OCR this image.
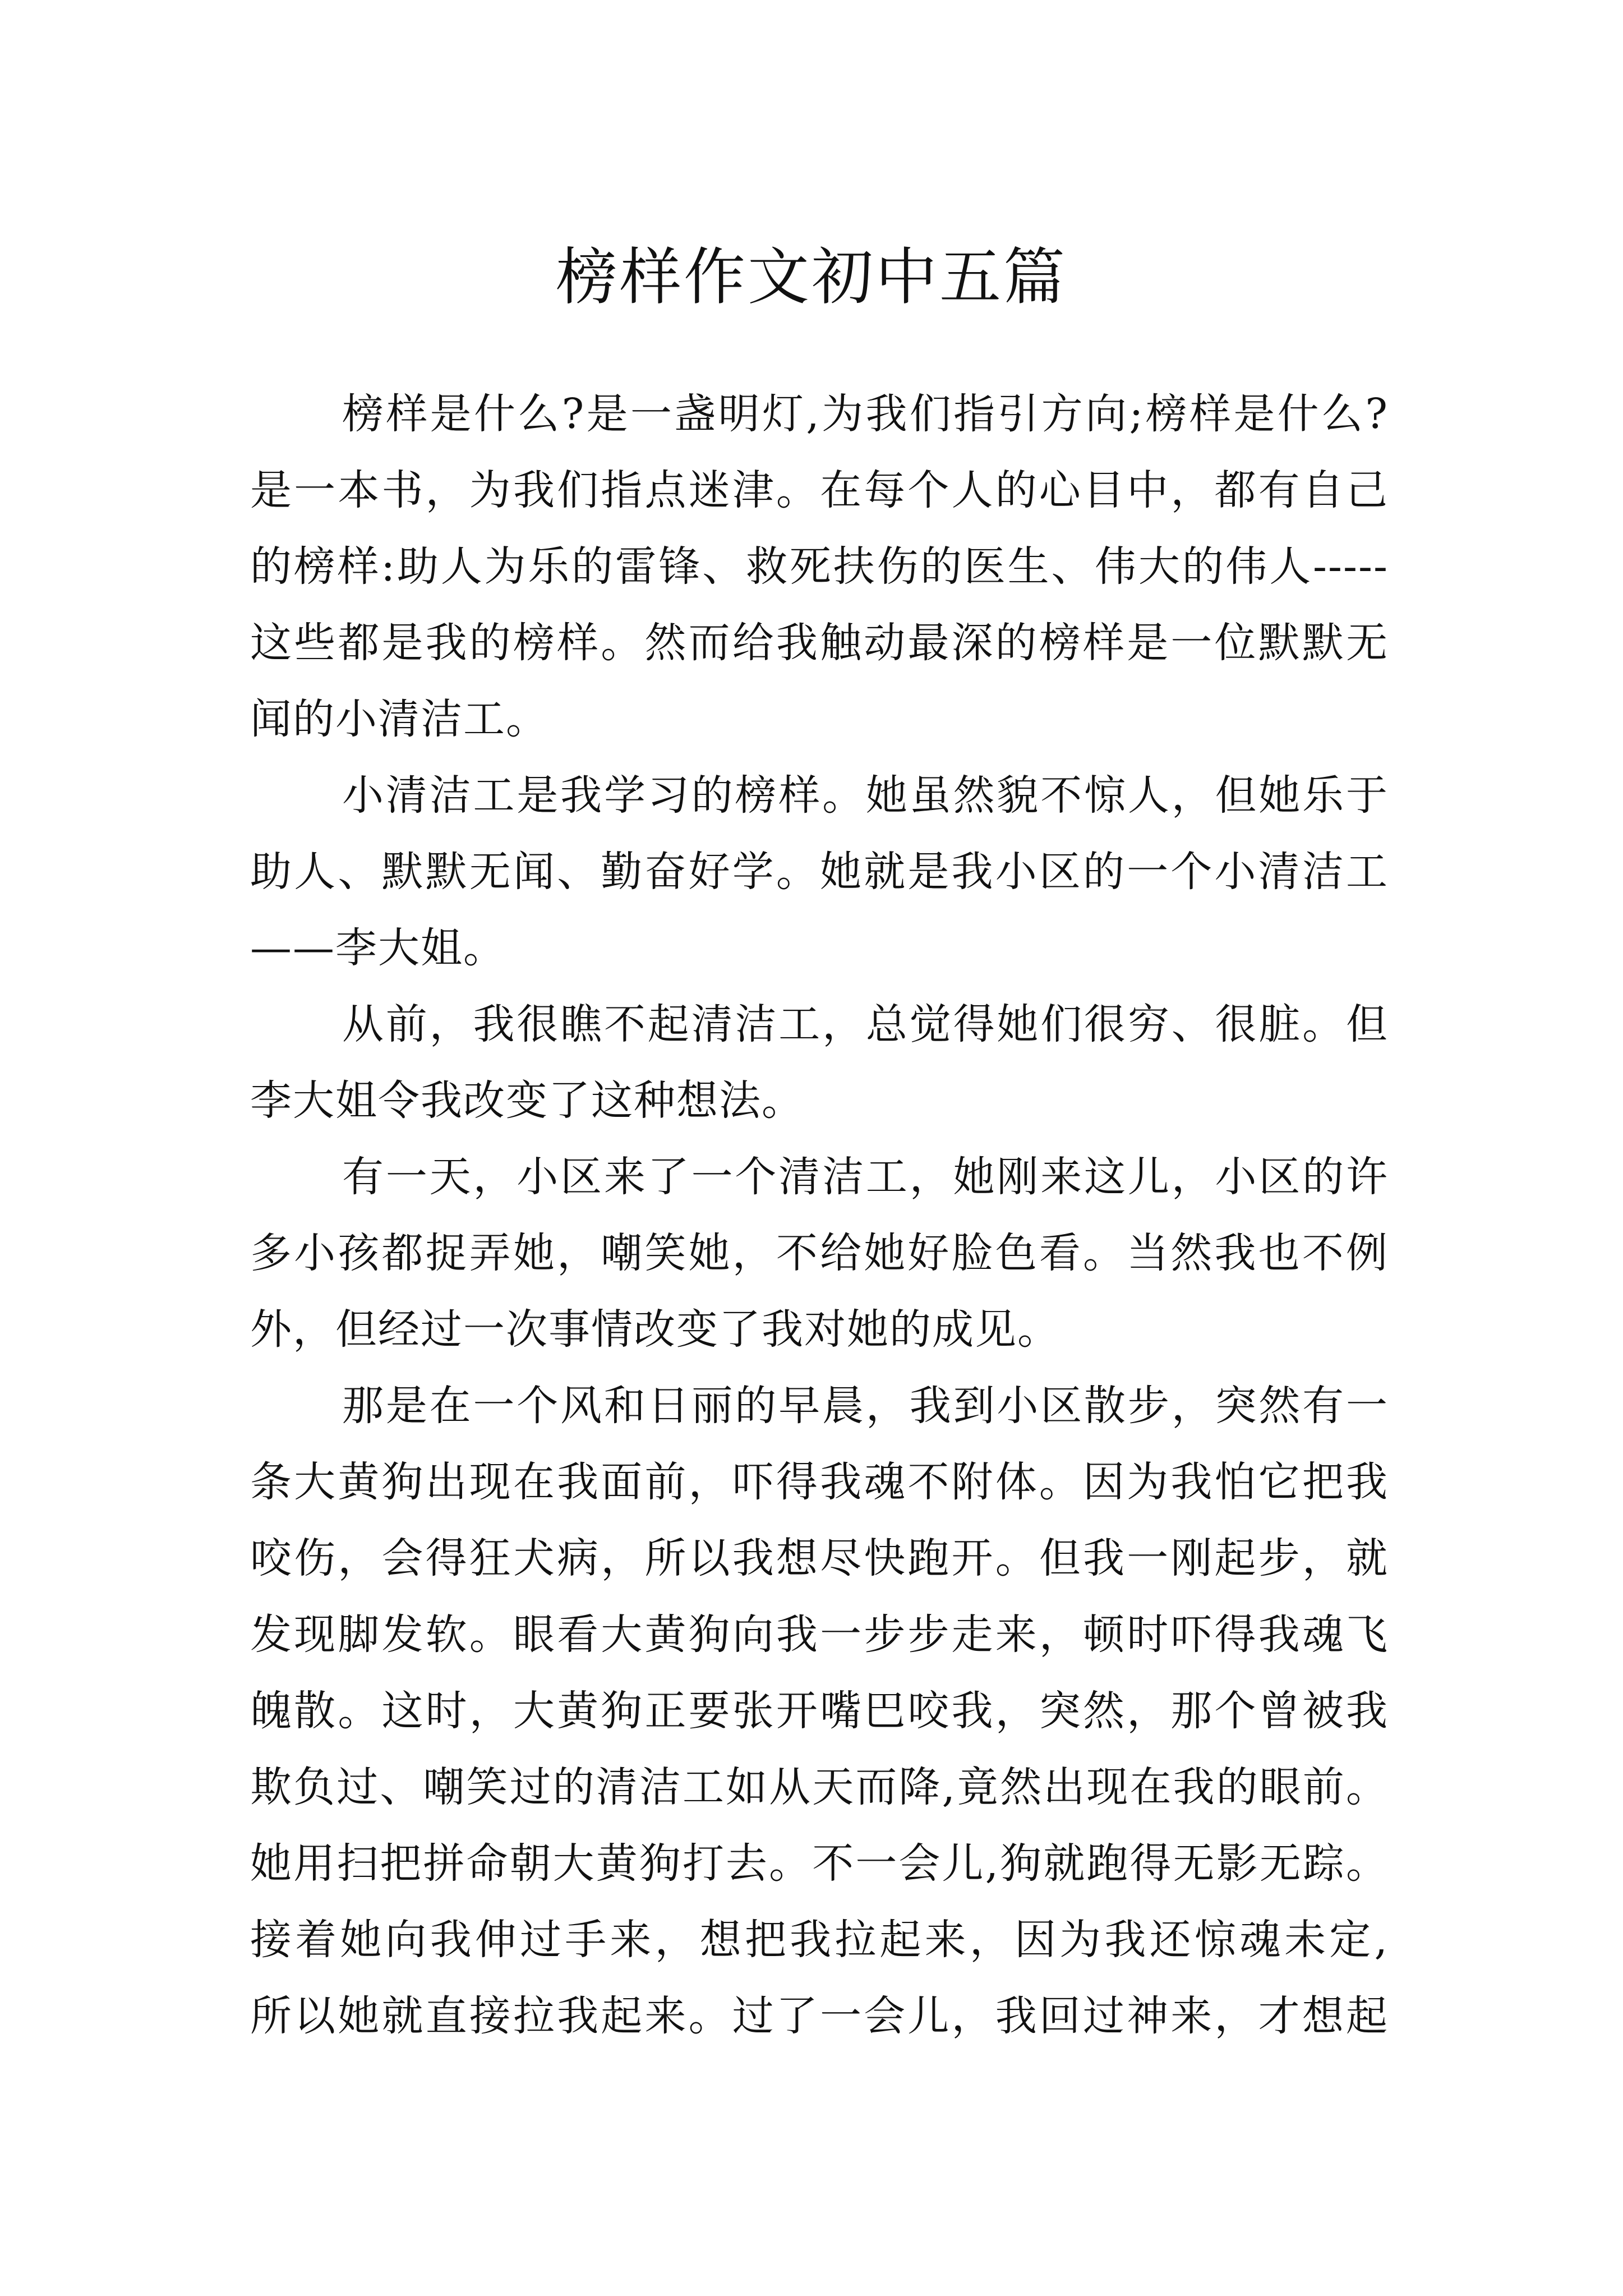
榜样作文初中五篇

榜样是什么?是一盏明灯,为我们指引方向;榜样是什么?
是一本书，为我们指点迷津。在每个人的心目中，都有自己
的榜样:助人为乐的雷锋、救死扶伤的医生、伟大的伟人-----
这些都是我的榜样。然而给我触动最深的榜样是一位默默无
闻的小清洁工。

小清洁工是我学习的榜样。她虽然貌不惊人，但她乐于
助人、默默无闻、勤奋好学。她就是我小区的一个小清洁工
——李大姐。

从前，我很瞧不起清洁工，总觉得她们很穷、很脏。但
李大姐令我改变了这种想法。

有一天，小区来了一个清洁工，她刚来这儿，小区的许
多小孩都捉弄她，嘲笑她，不给她好脸色看。当然我也不例
外，但经过一次事情改变了我对她的成见。

那是在一个风和日丽的早晨，我到小区散步，突然有一
条大黄狗出现在我面前，吓得我魂不附体。因为我怕它把我
咬伤，会得狂犬病，所以我想尽快跑开。但我一刚起步，就
发现脚发软。眼看大黄狗向我一步步走来，顿时吓得我魂飞
魄散。这时，大黄狗正要张开嘴巴咬我，突然，那个曾被我
欺负过、嘲笑过的清洁工如从天而降,竟然出现在我的眼前。
她用扫把拼命朝大黄狗打去。不一会儿,狗就跑得无影无踪。
接着她向我伸过手来，想把我拉起来，因为我还惊魂未定,
所以她就直接拉我起来。过了一会儿，我回过神来，才想起
